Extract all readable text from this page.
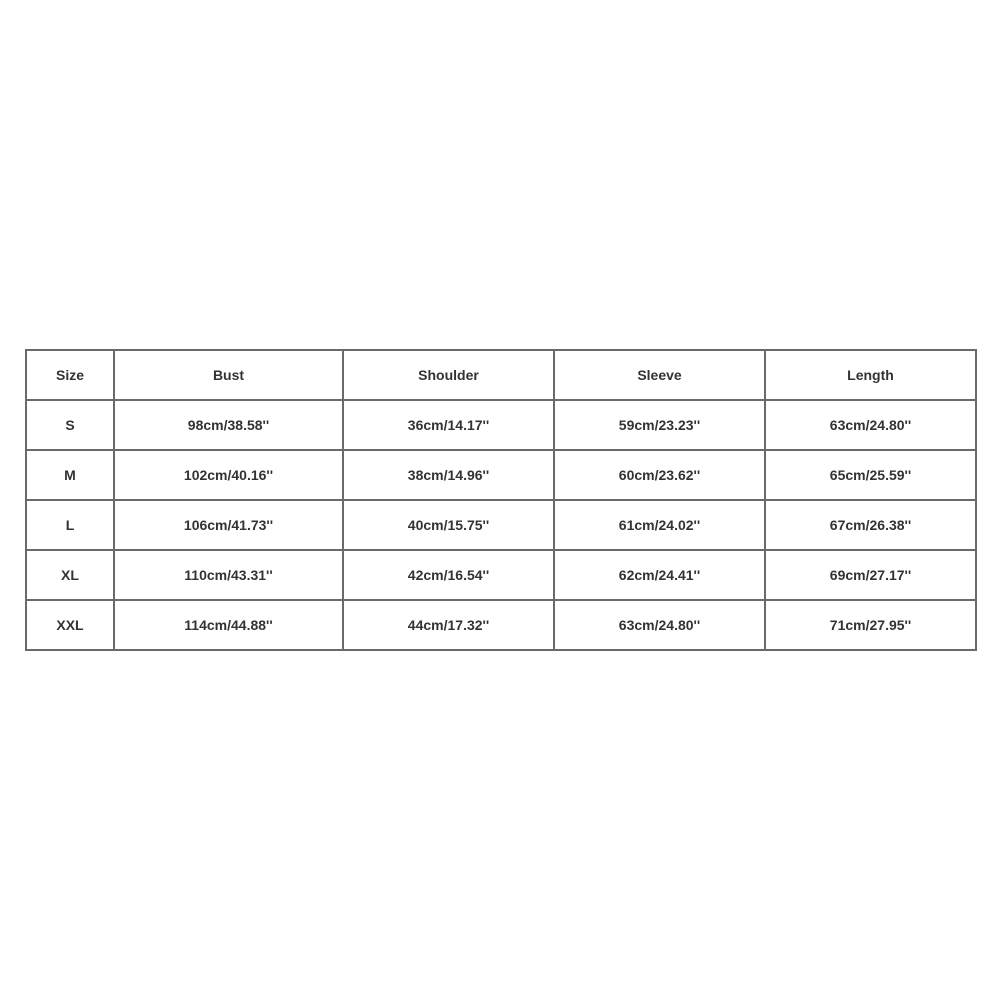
Size	Bust	Shoulder	Sleeve	Length
S	98cm/38.58''	36cm/14.17''	59cm/23.23''	63cm/24.80''
M	102cm/40.16''	38cm/14.96''	60cm/23.62''	65cm/25.59''
L	106cm/41.73''	40cm/15.75''	61cm/24.02''	67cm/26.38''
XL	110cm/43.31''	42cm/16.54''	62cm/24.41''	69cm/27.17''
XXL	114cm/44.88''	44cm/17.32''	63cm/24.80''	71cm/27.95''
